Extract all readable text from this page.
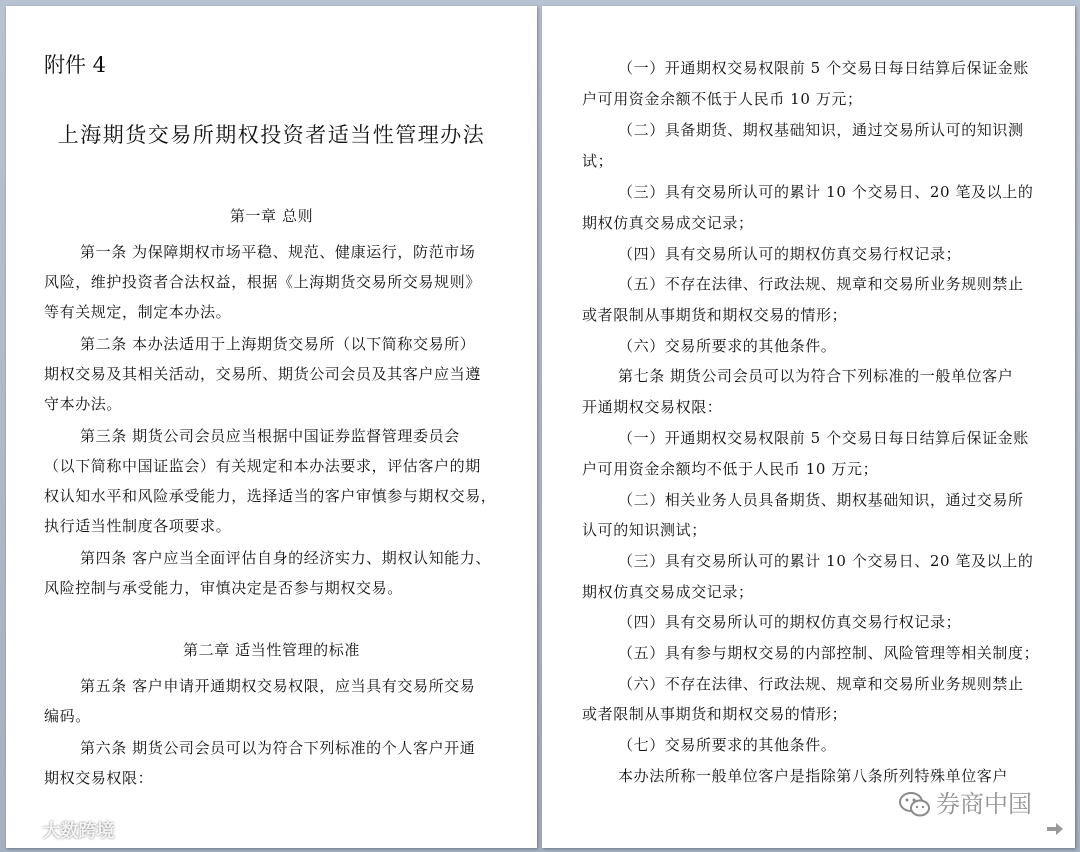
附件 4
上海期货交易所期权投资者适当性管理办法
第一章 总则
第一条 为保障期权市场平稳、规范、健康运行，防范市场
风险，维护投资者合法权益，根据《上海期货交易所交易规则》
等有关规定，制定本办法。
第二条 本办法适用于上海期货交易所（以下简称交易所）
期权交易及其相关活动，交易所、期货公司会员及其客户应当遵
守本办法。
第三条 期货公司会员应当根据中国证券监督管理委员会
（以下简称中国证监会）有关规定和本办法要求，评估客户的期
权认知水平和风险承受能力，选择适当的客户审慎参与期权交易，
执行适当性制度各项要求。
第四条 客户应当全面评估自身的经济实力、期权认知能力、
风险控制与承受能力，审慎决定是否参与期权交易。
第二章 适当性管理的标准
第五条 客户申请开通期权交易权限，应当具有交易所交易
编码。
第六条 期货公司会员可以为符合下列标准的个人客户开通
期权交易权限：
（一）开通期权交易权限前 5 个交易日每日结算后保证金账
户可用资金余额不低于人民币 10 万元；
（二）具备期货、期权基础知识，通过交易所认可的知识测
试；
（三）具有交易所认可的累计 10 个交易日、20 笔及以上的
期权仿真交易成交记录；
（四）具有交易所认可的期权仿真交易行权记录；
（五）不存在法律、行政法规、规章和交易所业务规则禁止
或者限制从事期货和期权交易的情形；
（六）交易所要求的其他条件。
第七条 期货公司会员可以为符合下列标准的一般单位客户
开通期权交易权限：
（一）开通期权交易权限前 5 个交易日每日结算后保证金账
户可用资金余额均不低于人民币 10 万元；
（二）相关业务人员具备期货、期权基础知识，通过交易所
认可的知识测试；
（三）具有交易所认可的累计 10 个交易日、20 笔及以上的
期权仿真交易成交记录；
（四）具有交易所认可的期权仿真交易行权记录；
（五）具有参与期权交易的内部控制、风险管理等相关制度；
（六）不存在法律、行政法规、规章和交易所业务规则禁止
或者限制从事期货和期权交易的情形；
（七）交易所要求的其他条件。
本办法所称一般单位客户是指除第八条所列特殊单位客户
大数跨境
券商中国
